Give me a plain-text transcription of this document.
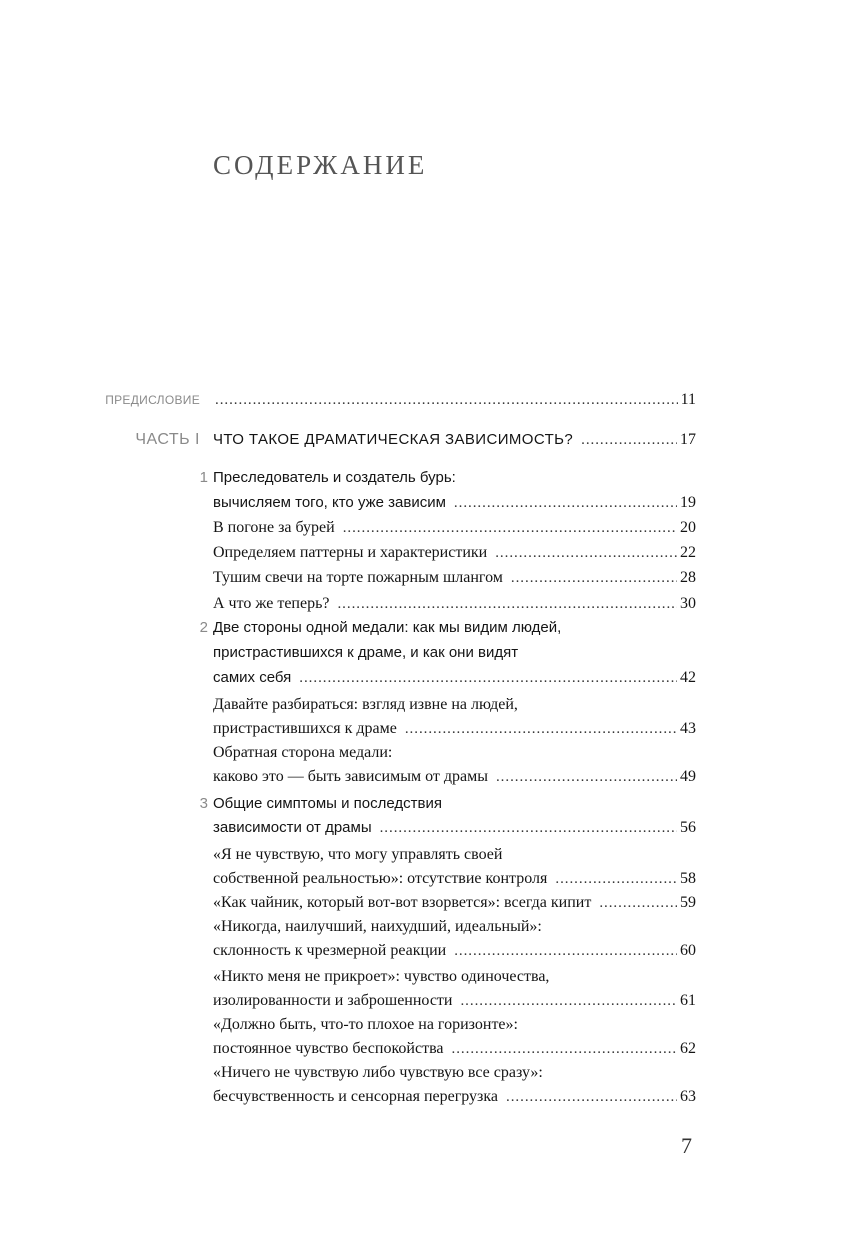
СОДЕРЖАНИЕ
ПРЕДИСЛОВИЕ . . .	11
ЧАСТЬ I ЧТО ТАКОЕ ДРАМАТИЧЕСКАЯ ЗАВИСИМОСТЬ? . . .	17
1 Преследователь и создатель бурь:
вычисляем того, кто уже зависим . . .	19
В погоне за бурей . . .	20
Определяем паттерны и характеристики . . .	22
Тушим свечи на торте пожарным шлангом . . .	28
А что же теперь? . . .	30
2 Две стороны одной медали: как мы видим людей,
пристрастившихся к драме, и как они видят
самих себя . . .	42
Давайте разбираться: взгляд извне на людей,
пристрастившихся к драме . . .	43
Обратная сторона медали:
каково это — быть зависимым от драмы . . .	49
3 Общие симптомы и последствия
зависимости от драмы . . .	56
«Я не чувствую, что могу управлять своей
собственной реальностью»: отсутствие контроля . . .	58
«Как чайник, который вот-вот взорвется»: всегда кипит . . .	59
«Никогда, наилучший, наихудший, идеальный»:
склонность к чрезмерной реакции . . .	60
«Никто меня не прикроет»: чувство одиночества,
изолированности и заброшенности . . .	61
«Должно быть, что-то плохое на горизонте»:
постоянное чувство беспокойства . . .	62
«Ничего не чувствую либо чувствую все сразу»:
бесчувственность и сенсорная перегрузка . . .	63
7
